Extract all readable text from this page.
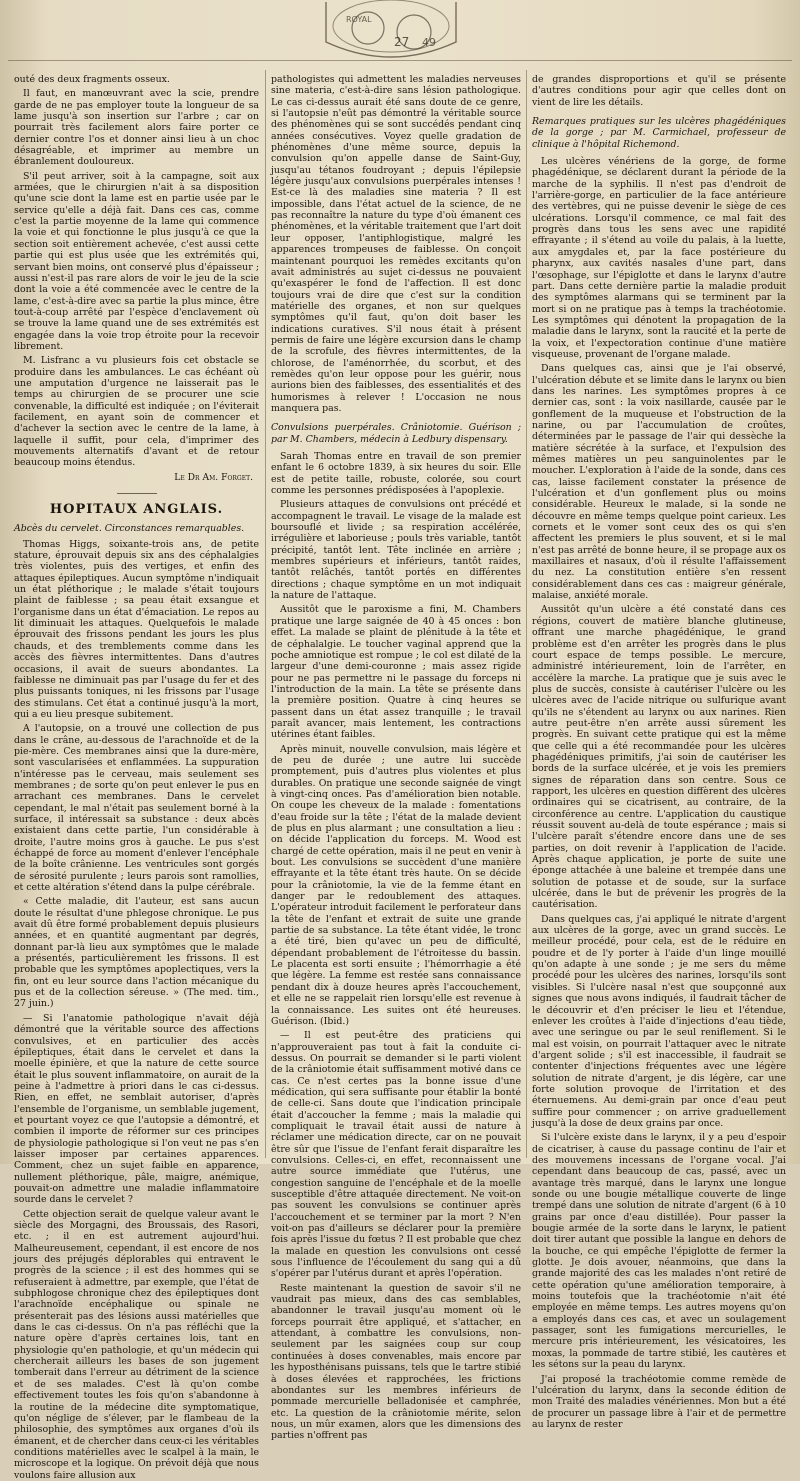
ROYAL
27 49

outé des deux fragments osseux.

Il faut, en manœuvrant avec la scie, prendre garde de ne pas employer toute la longueur de sa lame jusqu'à son insertion sur l'arbre ; car on pourrait très facilement alors faire porter ce dernier contre l'os et donner ainsi lieu à un choc désagréable, et imprimer au membre un ébranlement douloureux.

S'il peut arriver, soit à la campagne, soit aux armées, que le chirurgien n'ait à sa disposition qu'une scie dont la lame est en partie usée par le service qu'elle a déjà fait. Dans ces cas, comme c'est la partie moyenne de la lame qui commence la voie et qui fonctionne le plus jusqu'à ce que la section soit entièrement achevée, c'est aussi cette partie qui est plus usée que les extrémités qui, servant bien moins, ont conservé plus d'épaisseur ; aussi n'est-il pas rare alors de voir le jeu de la scie dont la voie a été commencée avec le centre de la lame, c'est-à-dire avec sa partie la plus mince, être tout-à-coup arrêté par l'espèce d'enclavement où se trouve la lame quand une de ses extrémités est engagée dans la voie trop étroite pour la recevoir librement.

M. Lisfranc a vu plusieurs fois cet obstacle se produire dans les ambulances. Le cas échéant où une amputation d'urgence ne laisserait pas le temps au chirurgien de se procurer une scie convenable, la difficulté est indiquée ; on l'éviterait facilement, en ayant soin de commencer et d'achever la section avec le centre de la lame, à laquelle il suffit, pour cela, d'imprimer des mouvements alternatifs d'avant et de retour beaucoup moins étendus.

Le Dr Am. Forget.
HOPITAUX ANGLAIS.

Abcès du cervelet. Circonstances remarquables.

Thomas Higgs, soixante-trois ans, de petite stature, éprouvait depuis six ans des céphalalgies très violentes, puis des vertiges, et enfin des attaques épileptiques. Aucun symptôme n'indiquait un état pléthorique ; le malade s'était toujours plaint de faiblesse ; sa peau était exsangue et l'organisme dans un état d'émaciation. Le repos au lit diminuait les attaques. Quelquefois le malade éprouvait des frissons pendant les jours les plus chauds, et des tremblements comme dans les accès des fièvres intermittentes. Dans d'autres occasions, il avait de sueurs abondantes. La faiblesse ne diminuait pas par l'usage du fer et des plus puissants toniques, ni les frissons par l'usage des stimulans. Cet état a continué jusqu'à la mort, qui a eu lieu presque subitement.

A l'autopsie, on a trouvé une collection de pus dans le crâne, au-dessous de l'arachnoïde et de la pie-mère. Ces membranes ainsi que la dure-mère, sont vascularisées et enflammées. La suppuration n'intéresse pas le cerveau, mais seulement ses membranes ; de sorte qu'on peut enlever le pus en arrachant ces membranes. Dans le cervelet cependant, le mal n'était pas seulement borné à la surface, il intéressait sa substance : deux abcès existaient dans cette partie, l'un considérable à droite, l'autre moins gros à gauche. Le pus s'est échappé de force au moment d'enlever l'encéphale de la boîte crânienne. Les ventricules sont gorgés de sérosité purulente ; leurs parois sont ramollies, et cette altération s'étend dans la pulpe cérébrale.

« Cette maladie, dit l'auteur, est sans aucun doute le résultat d'une phlegose chronique. Le pus avait dû être formé probablement depuis plusieurs années, et en quantité augmentant par degrés, donnant par-là lieu aux symptômes que le malade a présentés, particulièrement les frissons. Il est probable que les symptômes apoplectiques, vers la fin, ont eu leur source dans l'action mécanique du pus et de la collection séreuse. » (The med. tim., 27 juin.)

— Si l'anatomie pathologique n'avait déjà démontré que la véritable source des affections convulsives, et en particulier des accès épileptiques, était dans le cervelet et dans la moelle épinière, et que la nature de cette source était le plus souvent inflammatoire, on aurait de la peine à l'admettre à priori dans le cas ci-dessus. Rien, en effet, ne semblait autoriser, d'après l'ensemble de l'organisme, un semblable jugement, et pourtant voyez ce que l'autopsie a démontré, et combien il importe de réformer sur ces principes de physiologie pathologique si l'on veut ne pas s'en laisser imposer par certaines apparences. Comment, chez un sujet faible en apparence, nullement pléthorique, pâle, maigre, anémique, pouvait-on admettre une maladie inflammatoire sourde dans le cervelet ?

Cette objection serait de quelque valeur avant le siècle des Morgagni, des Broussais, des Rasori, etc. ; il en est autrement aujourd'hui. Malheureusement, cependant, il est encore de nos jours des préjugés déplorables qui entravent le progrès de la science ; il est des hommes qui se refuseraient à admettre, par exemple, que l'état de subphlogose chronique chez des épileptiques dont l'arachnoïde encéphalique ou spinale ne présenterait pas des lésions aussi matérielles que dans le cas ci-dessus. On n'a pas réfléchi que la nature opère d'après certaines lois, tant en physiologie qu'en pathologie, et qu'un médecin qui chercherait ailleurs les bases de son jugement tomberait dans l'erreur au détriment de la science et de ses malades. C'est là qu'on combe effectivement toutes les fois qu'on s'abandonne à la routine de la médecine dite symptomatique, qu'on néglige de s'élever, par le flambeau de la philosophie, des symptômes aux organes d'où ils émanent, et de chercher dans ceux-ci les véritables conditions matérielles avec le scalpel à la main, le microscope et la logique. On prévoit déjà que nous voulons faire allusion aux

pathologistes qui admettent les maladies nerveuses sine materia, c'est-à-dire sans lésion pathologique. Le cas ci-dessus aurait été sans doute de ce genre, si l'autopsie n'eût pas démontré la véritable source des phénomènes qui se sont succédés pendant cinq années consécutives. Voyez quelle gradation de phénomènes d'une même source, depuis la convulsion qu'on appelle danse de Saint-Guy, jusqu'au tétanos foudroyant ; depuis l'épilepsie légère jusqu'aux convulsions puerpérales intenses ! Est-ce là des maladies sine materia ? Il est impossible, dans l'état actuel de la science, de ne pas reconnaître la nature du type d'où émanent ces phénomènes, et la véritable traitement que l'art doit leur opposer, l'antiphlogistique, malgré les apparences trompeuses de faiblesse. On conçoit maintenant pourquoi les remèdes excitants qu'on avait administrés au sujet ci-dessus ne pouvaient qu'exaspérer le fond de l'affection. Il est donc toujours vrai de dire que c'est sur la condition matérielle des organes, et non sur quelques symptômes qu'il faut, qu'on doit baser les indications curatives. S'il nous était à présent permis de faire une légère excursion dans le champ de la scrofule, des fièvres intermittentes, de la chlorose, de l'aménorrhée, du scorbut, et des remèdes qu'on leur oppose pour les guérir, nous aurions bien des faiblesses, des essentialités et des humorismes à relever ! L'occasion ne nous manquera pas.

Convulsions puerpérales. Crâniotomie. Guérison ; par M. Chambers, médecin à Ledbury dispensary.

Sarah Thomas entre en travail de son premier enfant le 6 octobre 1839, à six heures du soir. Elle est de petite taille, robuste, colorée, sou court comme les personnes prédisposées à l'apoplexie.

Plusieurs attaques de convulsions ont précédé et accompagnent le travail. Le visage de la malade est boursouflé et livide ; sa respiration accélérée, irrégulière et laborieuse ; pouls très variable, tantôt précipité, tantôt lent. Tête inclinée en arrière ; membres supérieurs et inférieurs, tantôt raides, tantôt relâchés, tantôt portés en différentes directions ; chaque symptôme en un mot indiquait la nature de l'attaque.

Aussitôt que le paroxisme a fini, M. Chambers pratique une large saignée de 40 à 45 onces : bon effet. La malade se plaint de plénitude à la tête et de céphalalgie. Le toucher vaginal apprend que la poche amniotique est rompue ; le col est dilaté de la largeur d'une demi-couronne ; mais assez rigide pour ne pas permettre ni le passage du forceps ni l'introduction de la main. La tête se présente dans la première position. Quatre à cinq heures se passent dans un état assez tranquille ; le travail paraît avancer, mais lentement, les contractions utérines étant faibles.

Après minuit, nouvelle convulsion, mais légère et de peu de durée ; une autre lui succède promptement, puis d'autres plus violentes et plus durables. On pratique une seconde saignée de vingt à vingt-cinq onces. Pas d'amélioration bien notable. On coupe les cheveux de la malade : fomentations d'eau froide sur la tête ; l'état de la malade devient de plus en plus alarmant ; une consultation a lieu : on décide l'application du forceps. M. Wood est chargé de cette opération, mais il ne peut en venir à bout. Les convulsions se succèdent d'une manière effrayante et la tête étant très haute. On se décide pour la crâniotomie, la vie de la femme étant en danger par le redoublement des attaques. L'opérateur introduit facilement le perforateur dans la tête de l'enfant et extrait de suite une grande partie de sa substance. La tête étant vidée, le tronc a été tiré, bien qu'avec un peu de difficulté, dépendant probablement de l'étroitesse du bassin. Le placenta est sorti ensuite ; l'hémorrhagie a été que légère. La femme est restée sans connaissance pendant dix à douze heures après l'accouchement, et elle ne se rappelait rien lorsqu'elle est revenue à la connaissance. Les suites ont été heureuses. Guérison. (Ibid.)

— Il est peut-être des praticiens qui n'approuveraient pas tout à fait la conduite ci-dessus. On pourrait se demander si le parti violent de la crâniotomie était suffisamment motivé dans ce cas. Ce n'est certes pas la bonne issue d'une médication, qui sera suffisante pour établir la bonté de celle-ci. Sans doute que l'indication principale était d'accoucher la femme ; mais la maladie qui compliquait le travail était aussi de nature à réclamer une médication directe, car on ne pouvait être sûr que l'issue de l'enfant ferait disparaître les convulsions. Celles-ci, en effet, reconnaissent une autre source immédiate que l'utérus, une congestion sanguine de l'encéphale et de la moelle susceptible d'être attaquée directement. Ne voit-on pas souvent les convulsions se continuer après l'accouchement et se terminer par la mort ? N'en voit-on pas d'ailleurs se déclarer pour la première fois après l'issue du fœtus ? Il est probable que chez la malade en question les convulsions ont cessé sous l'influence de l'écoulement du sang qui a dû s'opérer par l'utérus durant et après l'opération.

Reste maintenant la question de savoir s'il ne vaudrait pas mieux, dans des cas semblables, abandonner le travail jusqu'au moment où le forceps pourrait être appliqué, et s'attacher, en attendant, à combattre les convulsions, non-seulement par les saignées coup sur coup continuées à doses convenables, mais encore par les hyposthénisans puissans, tels que le tartre stibié à doses élevées et rapprochées, les frictions abondantes sur les membres inférieurs de pommade mercurielle belladonisée et camphrée, etc. La question de la crâniotomie mérite, selon nous, un mûr examen, alors que les dimensions des parties n'offrent pas

de grandes disproportions et qu'il se présente d'autres conditions pour agir que celles dont on vient de lire les détails.

Remarques pratiques sur les ulcères phagédéniques de la gorge ; par M. Carmichael, professeur de clinique à l'hôpital Richemond.

Les ulcères vénériens de la gorge, de forme phagédénique, se déclarent durant la période de la marche de la syphilis. Il n'est pas d'endroit de l'arrière-gorge, en particulier de la face antérieure des vertèbres, qui ne puisse devenir le siège de ces ulcérations. Lorsqu'il commence, ce mal fait des progrès dans tous les sens avec une rapidité effrayante ; il s'étend au voile du palais, à la luette, aux amygdales et, par la face postérieure du pharynx, aux cavités nasales d'une part, dans l'œsophage, sur l'épiglotte et dans le larynx d'autre part. Dans cette dernière partie la maladie produit des symptômes alarmans qui se terminent par la mort si on ne pratique pas à temps la trachéotomie. Les symptômes qui dénotent la propagation de la maladie dans le larynx, sont la raucité et la perte de la voix, et l'expectoration continue d'une matière visqueuse, provenant de l'organe malade.

Dans quelques cas, ainsi que je l'ai observé, l'ulcération débute et se limite dans le larynx ou bien dans les narines. Les symptômes propres à ce dernier cas, sont : la voix nasillarde, causée par le gonflement de la muqueuse et l'obstruction de la narine, ou par l'accumulation de croûtes, déterminées par le passage de l'air qui dessèche la matière sécrétée à la surface, et l'expulsion des mêmes matières un peu sanguinolentes par le moucher. L'exploration à l'aide de la sonde, dans ces cas, laisse facilement constater la présence de l'ulcération et d'un gonflement plus ou moins considérable. Heureux le malade, si la sonde ne découvre en même temps quelque point carieux. Les cornets et le vomer sont ceux des os qui s'en affectent les premiers le plus souvent, et si le mal n'est pas arrêté de bonne heure, il se propage aux os maxillaires et nasaux, d'où il résulte l'affaissement du nez. La constitution entière s'en ressent considérablement dans ces cas : maigreur générale, malaise, anxiété morale.

Aussitôt qu'un ulcère a été constaté dans ces régions, couvert de matière blanche glutineuse, offrant une marche phagédénique, le grand problème est d'en arrêter les progrès dans le plus court espace de temps possible. Le mercure, administré intérieurement, loin de l'arrêter, en accélère la marche. La pratique que je suis avec le plus de succès, consiste à cautériser l'ulcère ou les ulcères avec de l'acide nitrique ou sulfurique avant qu'ils ne s'étendent au larynx ou aux narines. Rien autre peut-être n'en arrête aussi sûrement les progrès. En suivant cette pratique qui est la même que celle qui a été recommandée pour les ulcères phagédéniques primitifs, j'ai soin de cautériser les bords de la surface ulcérée, et je vois les premiers signes de réparation dans son centre. Sous ce rapport, les ulcères en question diffèrent des ulcères ordinaires qui se cicatrisent, au contraire, de la circonférence au centre. L'application du caustique réussit souvent au-delà de toute espérance ; mais si l'ulcère paraît s'étendre encore dans une de ses parties, on doit revenir à l'application de l'acide. Après chaque application, je porte de suite une éponge attachée à une baleine et trempée dans une solution de potasse et de soude, sur la surface ulcérée, dans le but de prévenir les progrès de la cautérisation.

Dans quelques cas, j'ai appliqué le nitrate d'argent aux ulcères de la gorge, avec un grand succès. Le meilleur procédé, pour cela, est de le réduire en poudre et de l'y porter à l'aide d'un linge mouillé qu'on adapte à une sonde ; je me sers du même procédé pour les ulcères des narines, lorsqu'ils sont visibles. Si l'ulcère nasal n'est que soupçonné aux signes que nous avons indiqués, il faudrait tâcher de le découvrir et d'en préciser le lieu et l'étendue, enlever les croûtes à l'aide d'injections d'eau tiède, avec une seringue ou par le seul reniflement. Si le mal est voisin, on pourrait l'attaquer avec le nitrate d'argent solide ; s'il est inaccessible, il faudrait se contenter d'injections fréquentes avec une légère solution de nitrate d'argent, je dis légère, car une forte solution provoque de l'irritation et des éternuemens. Au demi-grain par once d'eau peut suffire pour commencer ; on arrive graduellement jusqu'à la dose de deux grains par once.

Si l'ulcère existe dans le larynx, il y a peu d'espoir de cicatriser, à cause du passage continu de l'air et des mouvemens incessans de l'organe vocal. J'ai cependant dans beaucoup de cas, passé, avec un avantage très marqué, dans le larynx une longue sonde ou une bougie métallique couverte de linge trempé dans une solution de nitrate d'argent (6 à 10 grains par once d'eau distillée). Pour passer la bougie armée de la sorte dans le larynx, le patient doit tirer autant que possible la langue en dehors de la bouche, ce qui empêche l'épiglotte de fermer la glotte. Je dois avouer, néanmoins, que dans la grande majorité des cas les malades n'ont retiré de cette opération qu'une amélioration temporaire, à moins toutefois que la trachéotomie n'ait été employée en même temps. Les autres moyens qu'on a employés dans ces cas, et avec un soulagement passager, sont les fumigations mercurielles, le mercure pris intérieurement, les vésicatoires, les moxas, la pommade de tartre stibié, les cautères et les sétons sur la peau du larynx.

J'ai proposé la trachéotomie comme remède de l'ulcération du larynx, dans la seconde édition de mon Traité des maladies vénériennes. Mon but a été de procurer un passage libre à l'air et de permettre au larynx de rester
